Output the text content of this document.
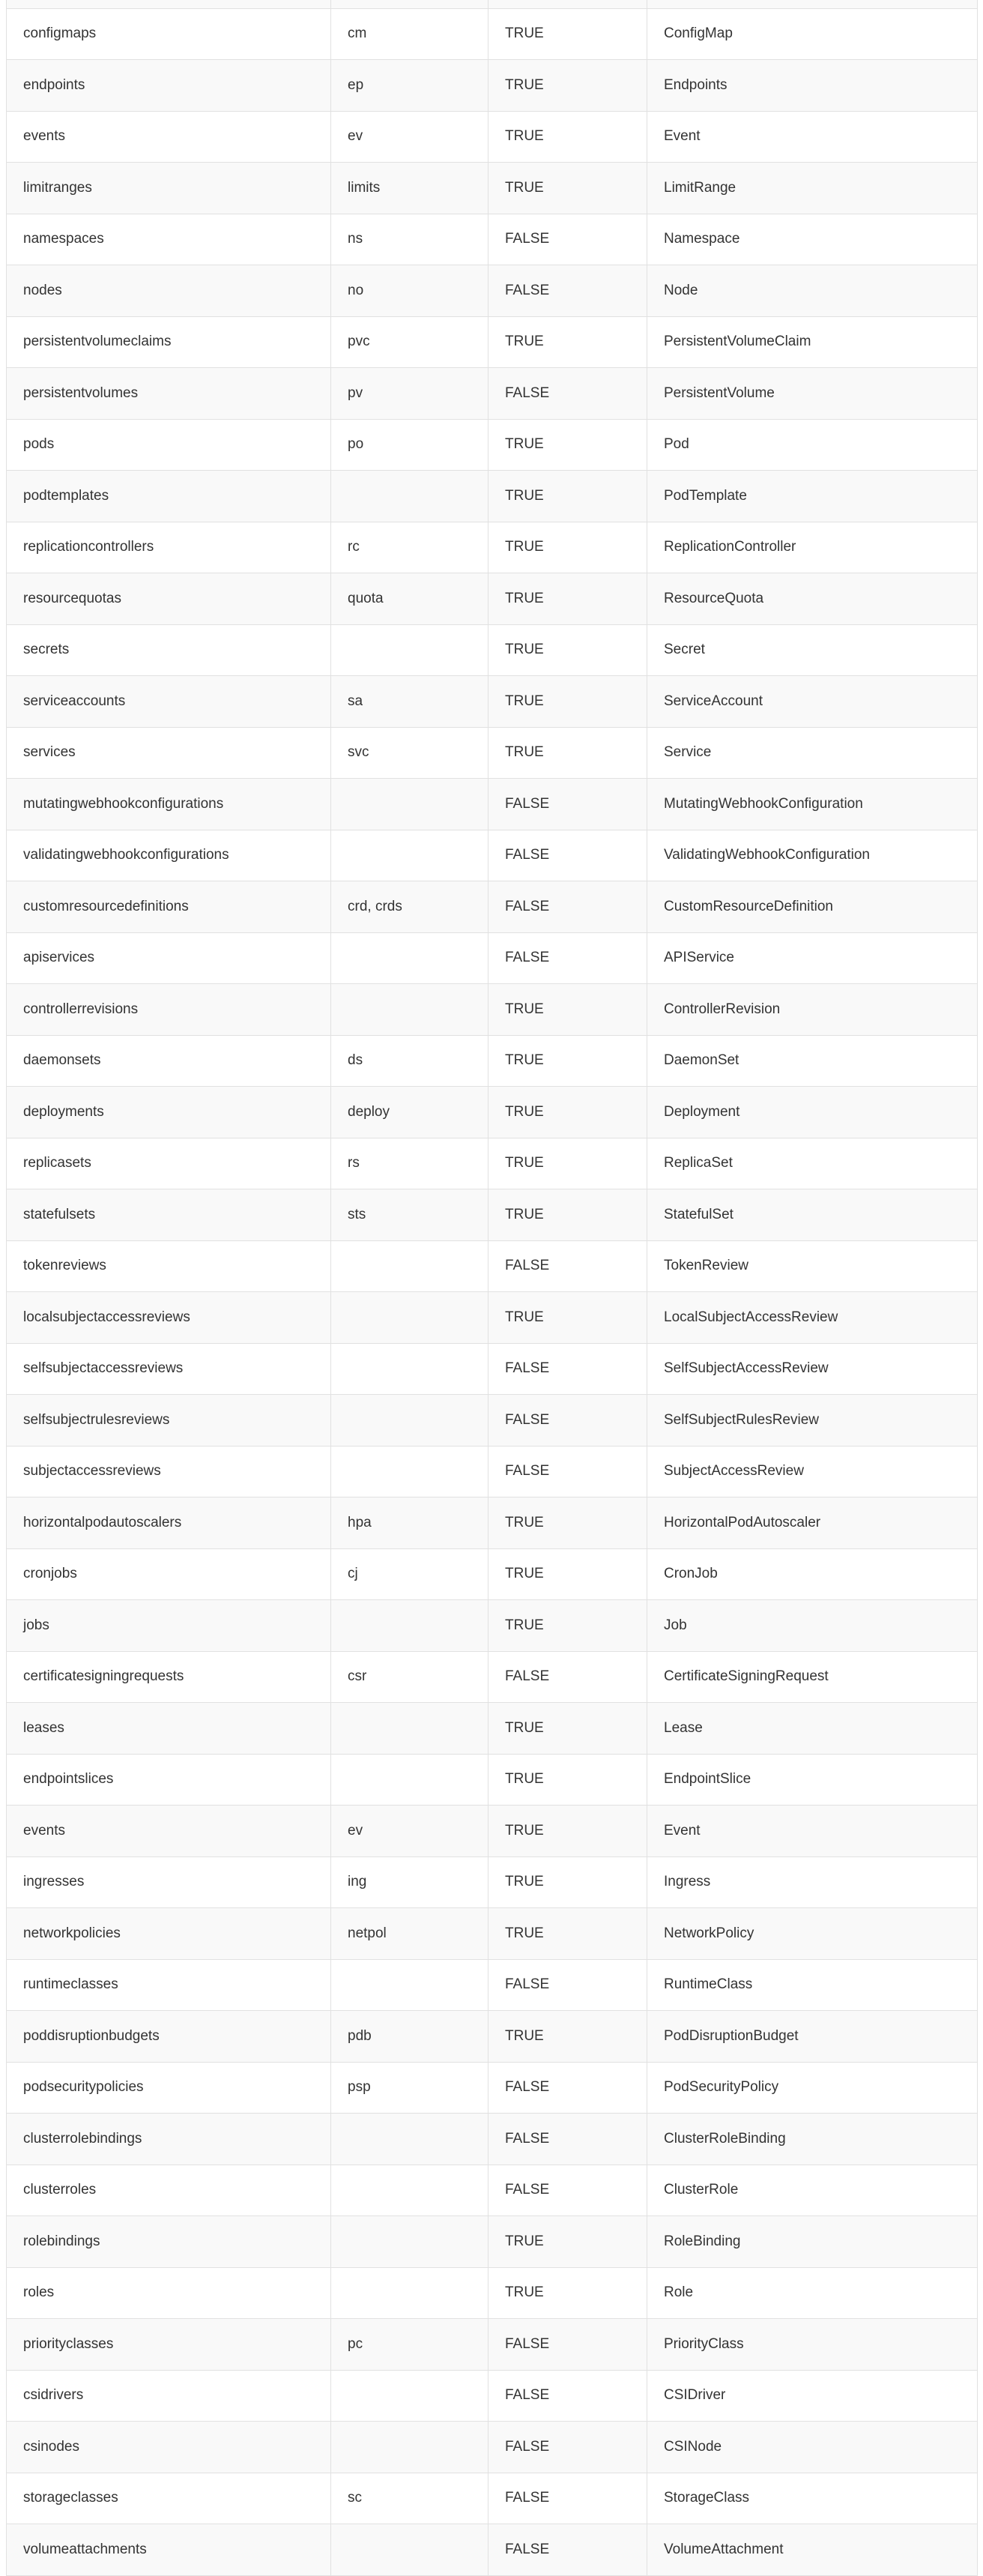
configmaps	cm	TRUE	ConfigMap
endpoints	ep	TRUE	Endpoints
events	ev	TRUE	Event
limitranges	limits	TRUE	LimitRange
namespaces	ns	FALSE	Namespace
nodes	no	FALSE	Node
persistentvolumeclaims	pvc	TRUE	PersistentVolumeClaim
persistentvolumes	pv	FALSE	PersistentVolume
pods	po	TRUE	Pod
podtemplates		TRUE	PodTemplate
replicationcontrollers	rc	TRUE	ReplicationController
resourcequotas	quota	TRUE	ResourceQuota
secrets		TRUE	Secret
serviceaccounts	sa	TRUE	ServiceAccount
services	svc	TRUE	Service
mutatingwebhookconfigurations		FALSE	MutatingWebhookConfiguration
validatingwebhookconfigurations		FALSE	ValidatingWebhookConfiguration
customresourcedefinitions	crd, crds	FALSE	CustomResourceDefinition
apiservices		FALSE	APIService
controllerrevisions		TRUE	ControllerRevision
daemonsets	ds	TRUE	DaemonSet
deployments	deploy	TRUE	Deployment
replicasets	rs	TRUE	ReplicaSet
statefulsets	sts	TRUE	StatefulSet
tokenreviews		FALSE	TokenReview
localsubjectaccessreviews		TRUE	LocalSubjectAccessReview
selfsubjectaccessreviews		FALSE	SelfSubjectAccessReview
selfsubjectrulesreviews		FALSE	SelfSubjectRulesReview
subjectaccessreviews		FALSE	SubjectAccessReview
horizontalpodautoscalers	hpa	TRUE	HorizontalPodAutoscaler
cronjobs	cj	TRUE	CronJob
jobs		TRUE	Job
certificatesigningrequests	csr	FALSE	CertificateSigningRequest
leases		TRUE	Lease
endpointslices		TRUE	EndpointSlice
events	ev	TRUE	Event
ingresses	ing	TRUE	Ingress
networkpolicies	netpol	TRUE	NetworkPolicy
runtimeclasses		FALSE	RuntimeClass
poddisruptionbudgets	pdb	TRUE	PodDisruptionBudget
podsecuritypolicies	psp	FALSE	PodSecurityPolicy
clusterrolebindings		FALSE	ClusterRoleBinding
clusterroles		FALSE	ClusterRole
rolebindings		TRUE	RoleBinding
roles		TRUE	Role
priorityclasses	pc	FALSE	PriorityClass
csidrivers		FALSE	CSIDriver
csinodes		FALSE	CSINode
storageclasses	sc	FALSE	StorageClass
volumeattachments		FALSE	VolumeAttachment
